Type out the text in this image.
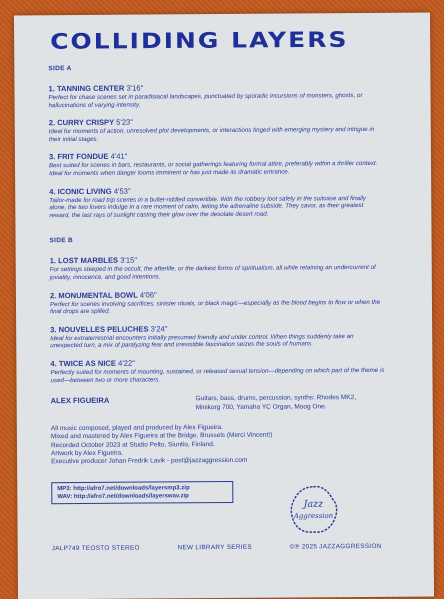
COLLIDING LAYERS
SIDE A
1. TANNING CENTER 3'16"
Perfect for chase scenes set in paradisiacal landscapes, punctuated by sporadic incursions of monsters, ghosts, or hallucinations of varying intensity.
2. CURRY CRISPY 5'23"
Ideal for moments of action, unresolved plot developments, or interactions tinged with emerging mystery and intrigue in their initial stages.
3. FRIT FONDUE 4'41"
Best suited for scenes in bars, restaurants, or social gatherings featuring formal attire, preferably within a thriller context. Ideal for moments when danger looms imminent or has just made its dramatic entrance.
4. ICONIC LIVING 4'53"
Tailor-made for road trip scenes in a bullet-riddled convertible. With the robbery loot safely in the suitcase and finally alone, the two lovers indulge in a rare moment of calm, letting the adrenaline subside. They savor, as their greatest reward, the last rays of sunlight casting their glow over the desolate desert road.
SIDE B
1. LOST MARBLES 3'15"
For settings steeped in the occult, the afterlife, or the darkest forms of spiritualism, all while retaining an undercurrent of joviality, innocence, and good intentions.
2. MONUMENTAL BOWL 4'06"
Perfect for scenes involving sacrifices, sinister rituals, or black magic—especially as the blood begins to flow or when the final drops are spilled.
3. NOUVELLES PELUCHES 3'24"
Ideal for extraterrestrial encounters initially presumed friendly and under control. When things suddenly take an unexpected turn, a mix of paralyzing fear and irresistible fascination seizes the souls of humans.
4. TWICE AS NICE 4'22"
Perfectly suited for moments of mounting, sustained, or released sexual tension—depending on which part of the theme is used—between two or more characters.
ALEX FIGUEIRA	Guitars, bass, drums, percussion, synths: Rhodes MK2, Minikorg 700, Yamaha YC Organ, Moog One.
All music composed, played and produced by Alex Figueira.
Mixed and mastered by Alex Figueira at the Bridge, Brussels (Merci Vincent!)
Recorded October 2023 at Studio Pelto, Siuntio, Finland.
Artwork by Alex Figueira.
Executive producer Johan Fredrik Lavik - post@jazzaggression.com
MP3: http://afro7.net/downloads/layersmp3.zip
WAV: http://afro7.net/downloads/layerswav.zip
Jazz
Aggression
JALP749 TEOSTO STEREO	NEW LIBRARY SERIES	©℗ 2025 JAZZAGGRESSION
